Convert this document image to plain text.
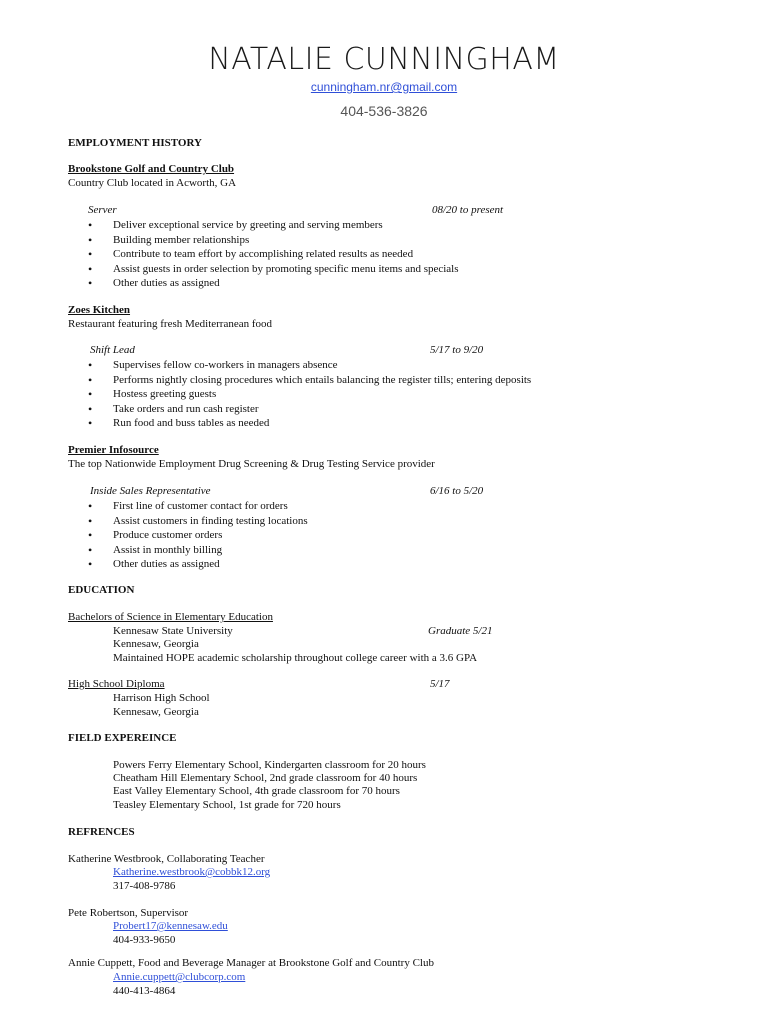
NATALIE CUNNINGHAM
cunningham.nr@gmail.com
404-536-3826
EMPLOYMENT HISTORY
Brookstone Golf and Country Club
Country Club located in Acworth, GA
Server	08/20 to present
• Deliver exceptional service by greeting and serving members
• Building member relationships
• Contribute to team effort by accomplishing related results as needed
• Assist guests in order selection by promoting specific menu items and specials
• Other duties as assigned
Zoes Kitchen
Restaurant featuring fresh Mediterranean food
Shift Lead	5/17 to 9/20
• Supervises fellow co-workers in managers absence
• Performs nightly closing procedures which entails balancing the register tills; entering deposits
• Hostess greeting guests
• Take orders and run cash register
• Run food and buss tables as needed
Premier Infosource
The top Nationwide Employment Drug Screening & Drug Testing Service provider
Inside Sales Representative	6/16 to 5/20
• First line of customer contact for orders
• Assist customers in finding testing locations
• Produce customer orders
• Assist in monthly billing
• Other duties as assigned
EDUCATION
Bachelors of Science in Elementary Education
Kennesaw State University	Graduate 5/21
Kennesaw, Georgia
Maintained HOPE academic scholarship throughout college career with a 3.6 GPA
High School Diploma	5/17
Harrison High School
Kennesaw, Georgia
FIELD EXPEREINCE
Powers Ferry Elementary School, Kindergarten classroom for 20 hours
Cheatham Hill Elementary School, 2nd grade classroom for 40 hours
East Valley Elementary School, 4th grade classroom for 70 hours
Teasley Elementary School, 1st grade for 720 hours
REFRENCES
Katherine Westbrook, Collaborating Teacher
Katherine.westbrook@cobbk12.org
317-408-9786
Pete Robertson, Supervisor
Probert17@kennesaw.edu
404-933-9650
Annie Cuppett, Food and Beverage Manager at Brookstone Golf and Country Club
Annie.cuppett@clubcorp.com
440-413-4864
